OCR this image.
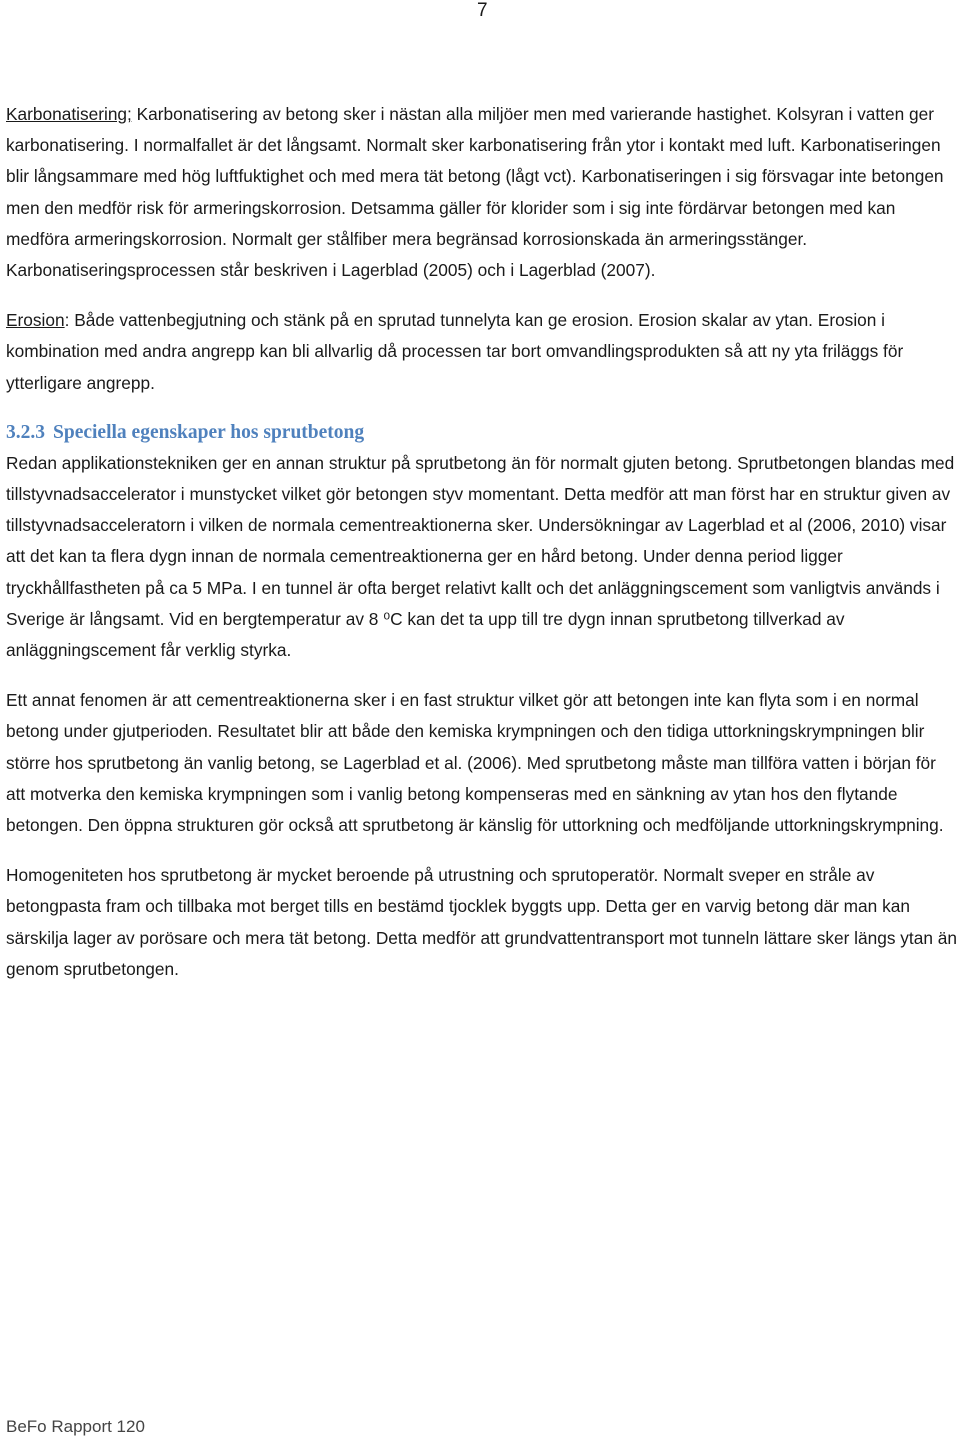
7

Karbonatisering; Karbonatisering av betong sker i nästan alla miljöer men med varierande hastighet. Kolsyran i vatten ger karbonatisering. I normalfallet är det långsamt. Normalt sker karbonatisering från ytor i kontakt med luft. Karbonatiseringen blir långsammare med hög luftfuktighet och med mera tät betong (lågt vct). Karbonatiseringen i sig försvagar inte betongen men den medför risk för armeringskorrosion. Detsamma gäller för klorider som i sig inte fördärvar betongen med kan medföra armeringskorrosion. Normalt ger stålfiber mera begränsad korrosionskada än armeringsstänger. Karbonatiseringsprocessen står beskriven i Lagerblad (2005) och i Lagerblad (2007).

Erosion: Både vattenbegjutning och stänk på en sprutad tunnelyta kan ge erosion. Erosion skalar av ytan. Erosion i kombination med andra angrepp kan bli allvarlig då processen tar bort omvandlingsprodukten så att ny yta friläggs för ytterligare angrepp.

3.2.3 Speciella egenskaper hos sprutbetong

Redan applikationstekniken ger en annan struktur på sprutbetong än för normalt gjuten betong. Sprutbetongen blandas med tillstyvnadsaccelerator i munstycket vilket gör betongen styv momentant. Detta medför att man först har en struktur given av tillstyvnadsacceleratorn i vilken de normala cementreaktionerna sker. Undersökningar av Lagerblad et al (2006, 2010) visar att det kan ta flera dygn innan de normala cementreaktionerna ger en hård betong. Under denna period ligger tryckhållfastheten på ca 5 MPa. I en tunnel är ofta berget relativt kallt och det anläggningscement som vanligtvis används i Sverige är långsamt. Vid en bergtemperatur av 8 ⁰C kan det ta upp till tre dygn innan sprutbetong tillverkad av anläggningscement får verklig styrka.

Ett annat fenomen är att cementreaktionerna sker i en fast struktur vilket gör att betongen inte kan flyta som i en normal betong under gjutperioden. Resultatet blir att både den kemiska krympningen och den tidiga uttorkningskrympningen blir större hos sprutbetong än vanlig betong, se Lagerblad et al. (2006). Med sprutbetong måste man tillföra vatten i början för att motverka den kemiska krympningen som i vanlig betong kompenseras med en sänkning av ytan hos den flytande betongen. Den öppna strukturen gör också att sprutbetong är känslig för uttorkning och medföljande uttorkningskrympning.

Homogeniteten hos sprutbetong är mycket beroende på utrustning och sprutoperatör. Normalt sveper en stråle av betongpasta fram och tillbaka mot berget tills en bestämd tjocklek byggts upp. Detta ger en varvig betong där man kan särskilja lager av porösare och mera tät betong. Detta medför att grundvattentransport mot tunneln lättare sker längs ytan än genom sprutbetongen.

BeFo Rapport 120
